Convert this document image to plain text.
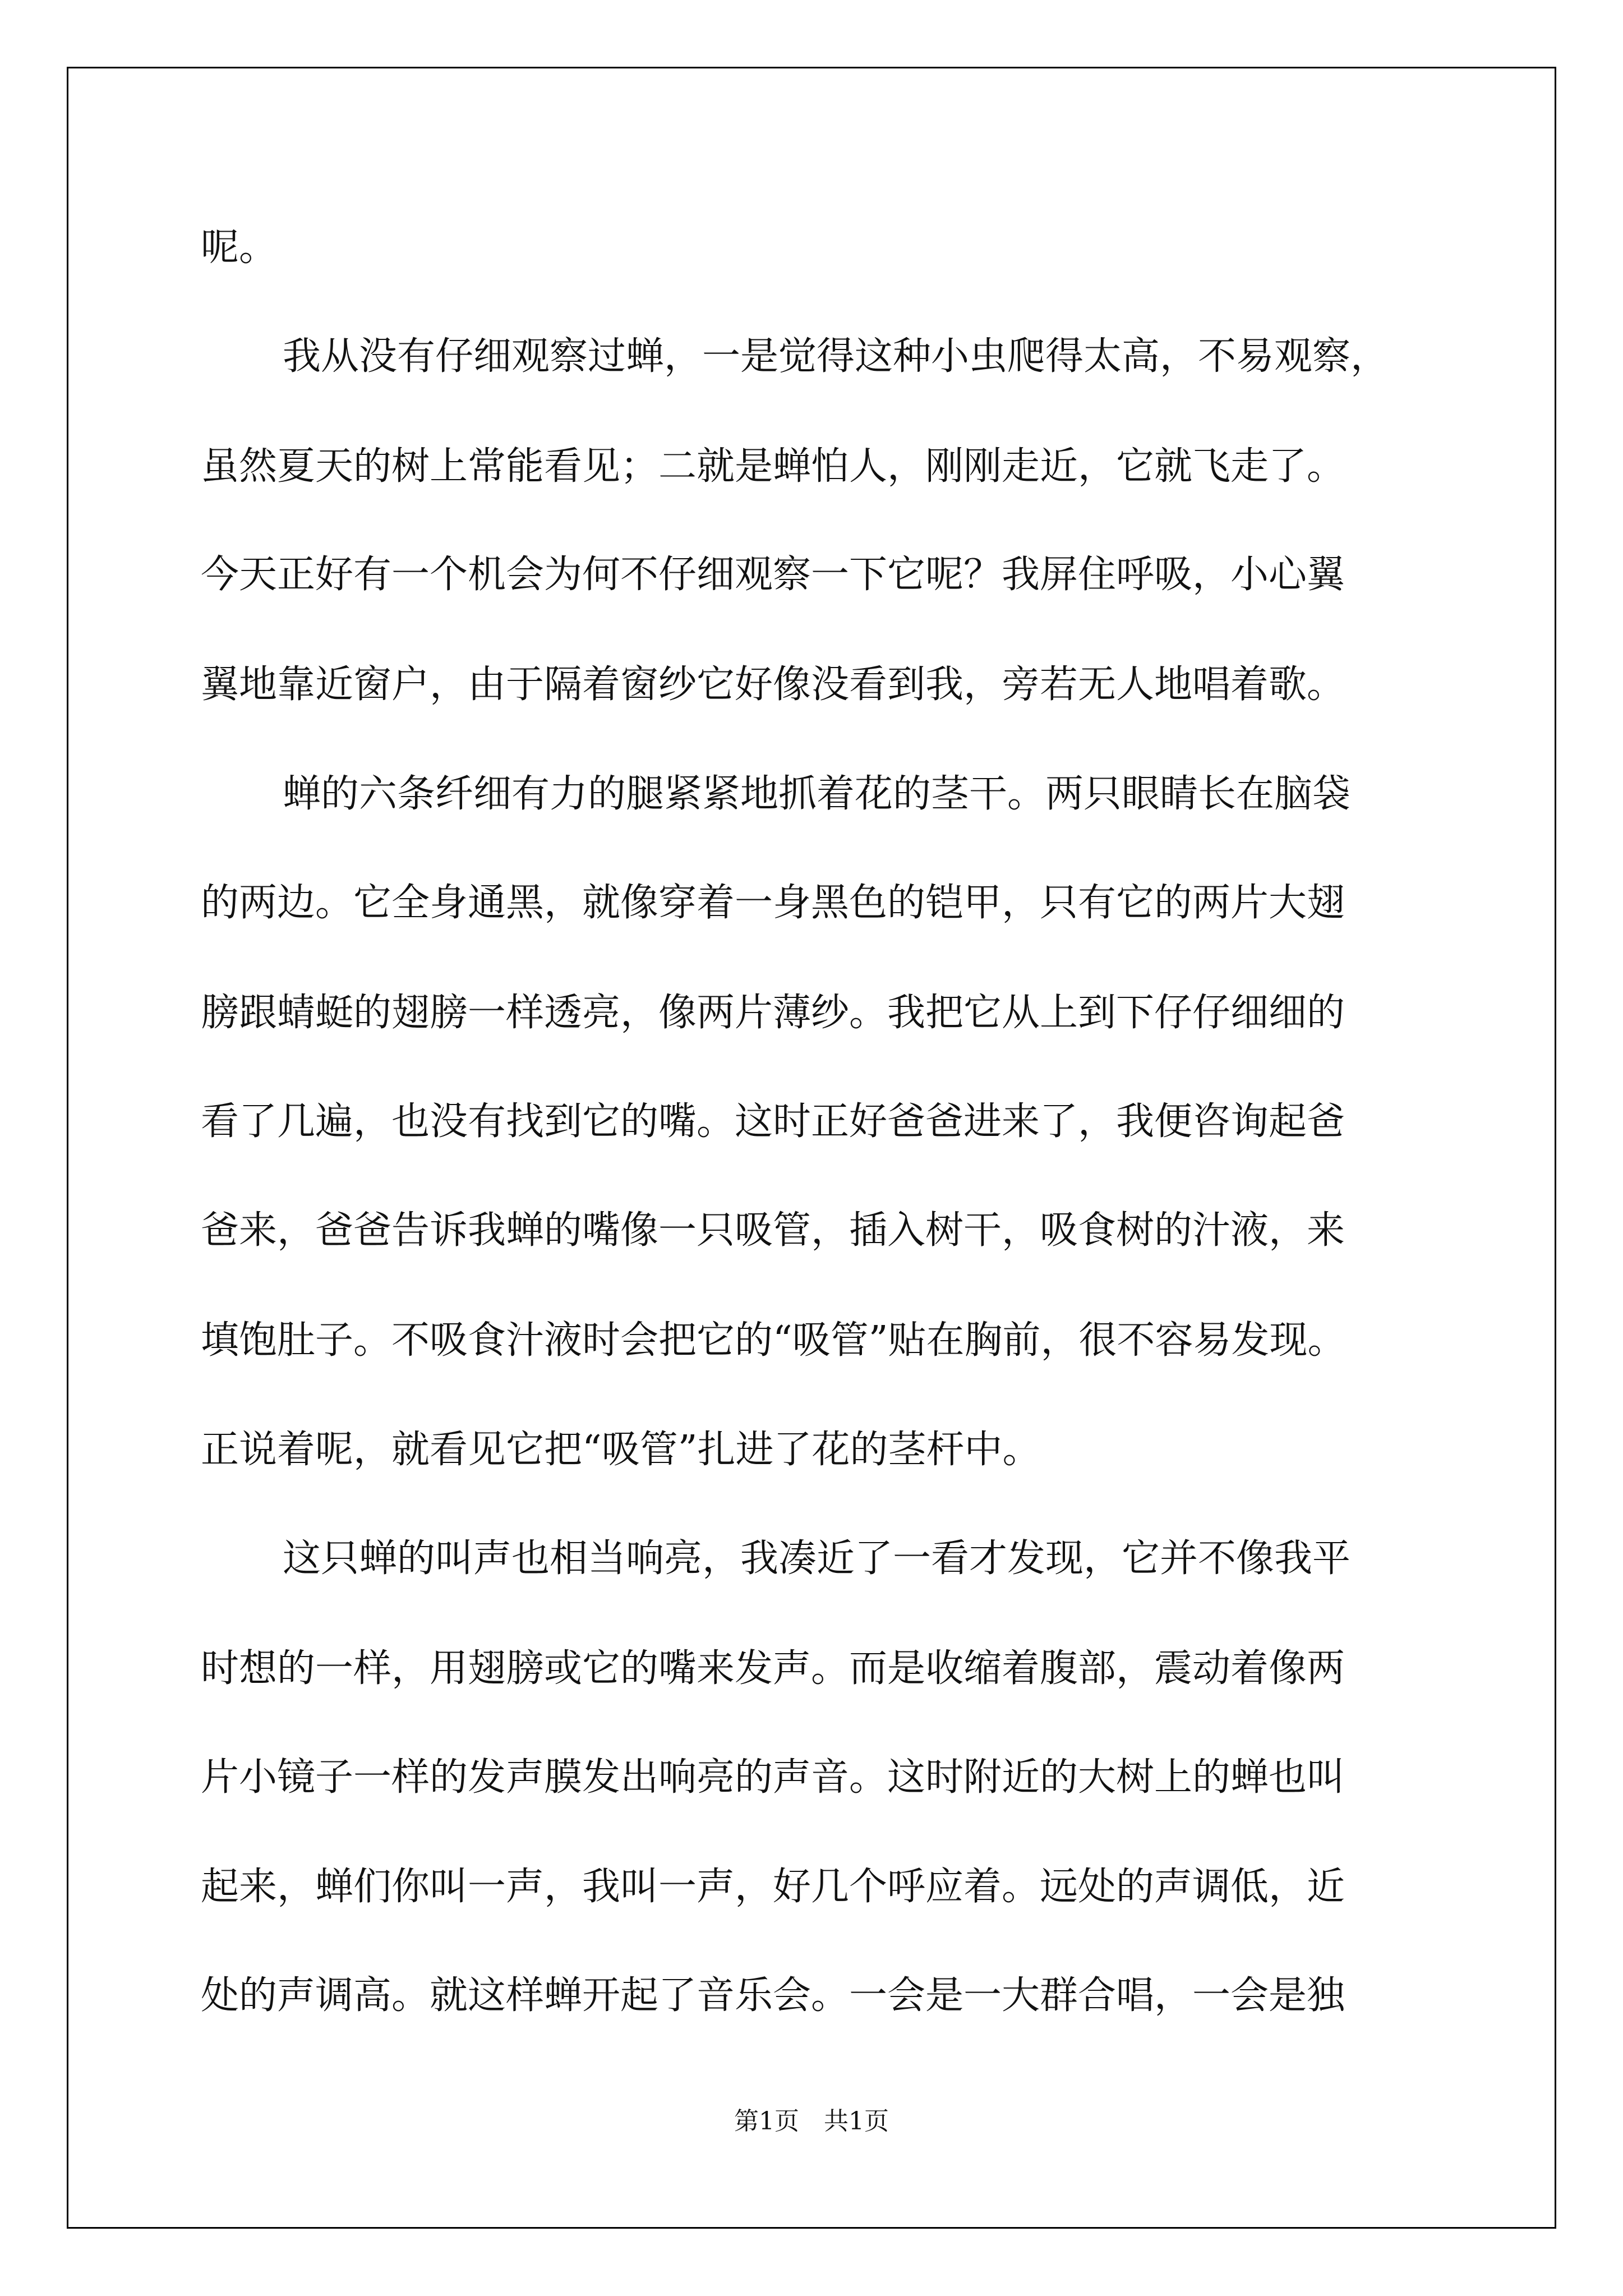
呢。
我从没有仔细观察过蝉，一是觉得这种小虫爬得太高，不易观察，
虽然夏天的树上常能看见；二就是蝉怕人，刚刚走近，它就飞走了。
今天正好有一个机会为何不仔细观察一下它呢？我屏住呼吸，小心翼
翼地靠近窗户，由于隔着窗纱它好像没看到我，旁若无人地唱着歌。
蝉的六条纤细有力的腿紧紧地抓着花的茎干。两只眼睛长在脑袋
的两边。它全身通黑，就像穿着一身黑色的铠甲，只有它的两片大翅
膀跟蜻蜓的翅膀一样透亮，像两片薄纱。我把它从上到下仔仔细细的
看了几遍，也没有找到它的嘴。这时正好爸爸进来了，我便咨询起爸
爸来，爸爸告诉我蝉的嘴像一只吸管，插入树干，吸食树的汁液，来
填饱肚子。不吸食汁液时会把它的“吸管”贴在胸前，很不容易发现。
正说着呢，就看见它把“吸管”扎进了花的茎杆中。
这只蝉的叫声也相当响亮，我凑近了一看才发现，它并不像我平
时想的一样，用翅膀或它的嘴来发声。而是收缩着腹部，震动着像两
片小镜子一样的发声膜发出响亮的声音。这时附近的大树上的蝉也叫
起来，蝉们你叫一声，我叫一声，好几个呼应着。远处的声调低，近
处的声调高。就这样蝉开起了音乐会。一会是一大群合唱，一会是独
第1页　共1页
